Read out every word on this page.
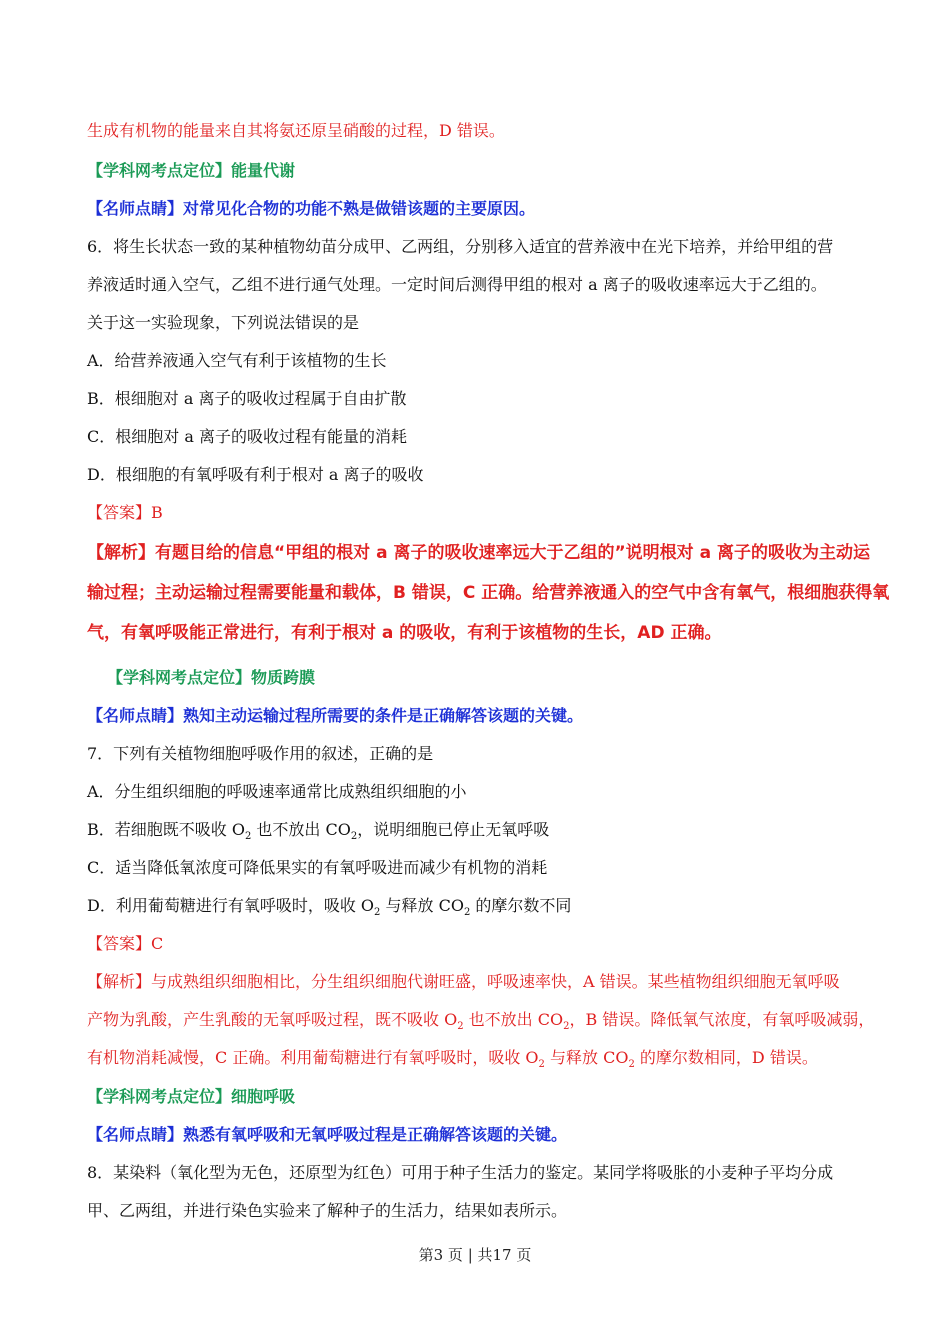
生成有机物的能量来自其将氨还原呈硝酸的过程，D 错误。
【学科网考点定位】能量代谢
【名师点睛】对常见化合物的功能不熟是做错该题的主要原因。
6．将生长状态一致的某种植物幼苗分成甲、乙两组，分别移入适宜的营养液中在光下培养，并给甲组的营
养液适时通入空气，乙组不进行通气处理。一定时间后测得甲组的根对 a 离子的吸收速率远大于乙组的。
关于这一实验现象，下列说法错误的是
A．给营养液通入空气有利于该植物的生长
B．根细胞对 a 离子的吸收过程属于自由扩散
C．根细胞对 a 离子的吸收过程有能量的消耗
D．根细胞的有氧呼吸有利于根对 a 离子的吸收
【答案】B
【解析】有题目给的信息“甲组的根对 a 离子的吸收速率远大于乙组的”说明根对 a 离子的吸收为主动运
输过程；主动运输过程需要能量和载体，B 错误，C 正确。给营养液通入的空气中含有氧气，根细胞获得氧
气，有氧呼吸能正常进行，有利于根对 a 的吸收，有利于该植物的生长，AD 正确。
【学科网考点定位】物质跨膜
【名师点睛】熟知主动运输过程所需要的条件是正确解答该题的关键。
7．下列有关植物细胞呼吸作用的叙述，正确的是
A．分生组织细胞的呼吸速率通常比成熟组织细胞的小
B．若细胞既不吸收 $O_2$ 也不放出 $CO_2$，说明细胞已停止无氧呼吸
C．适当降低氧浓度可降低果实的有氧呼吸进而减少有机物的消耗
D．利用葡萄糖进行有氧呼吸时，吸收 $O_2$ 与释放 $CO_2$ 的摩尔数不同
【答案】C
【解析】与成熟组织细胞相比，分生组织细胞代谢旺盛，呼吸速率快，A 错误。某些植物组织细胞无氧呼吸
产物为乳酸，产生乳酸的无氧呼吸过程，既不吸收 $O_2$ 也不放出 $CO_2$，B 错误。降低氧气浓度，有氧呼吸减弱，
有机物消耗减慢，C 正确。利用葡萄糖进行有氧呼吸时，吸收 $O_2$ 与释放 $CO_2$ 的摩尔数相同，D 错误。
【学科网考点定位】细胞呼吸
【名师点睛】熟悉有氧呼吸和无氧呼吸过程是正确解答该题的关键。
8．某染料（氧化型为无色，还原型为红色）可用于种子生活力的鉴定。某同学将吸胀的小麦种子平均分成
甲、乙两组，并进行染色实验来了解种子的生活力，结果如表所示。
第3 页 | 共17 页
